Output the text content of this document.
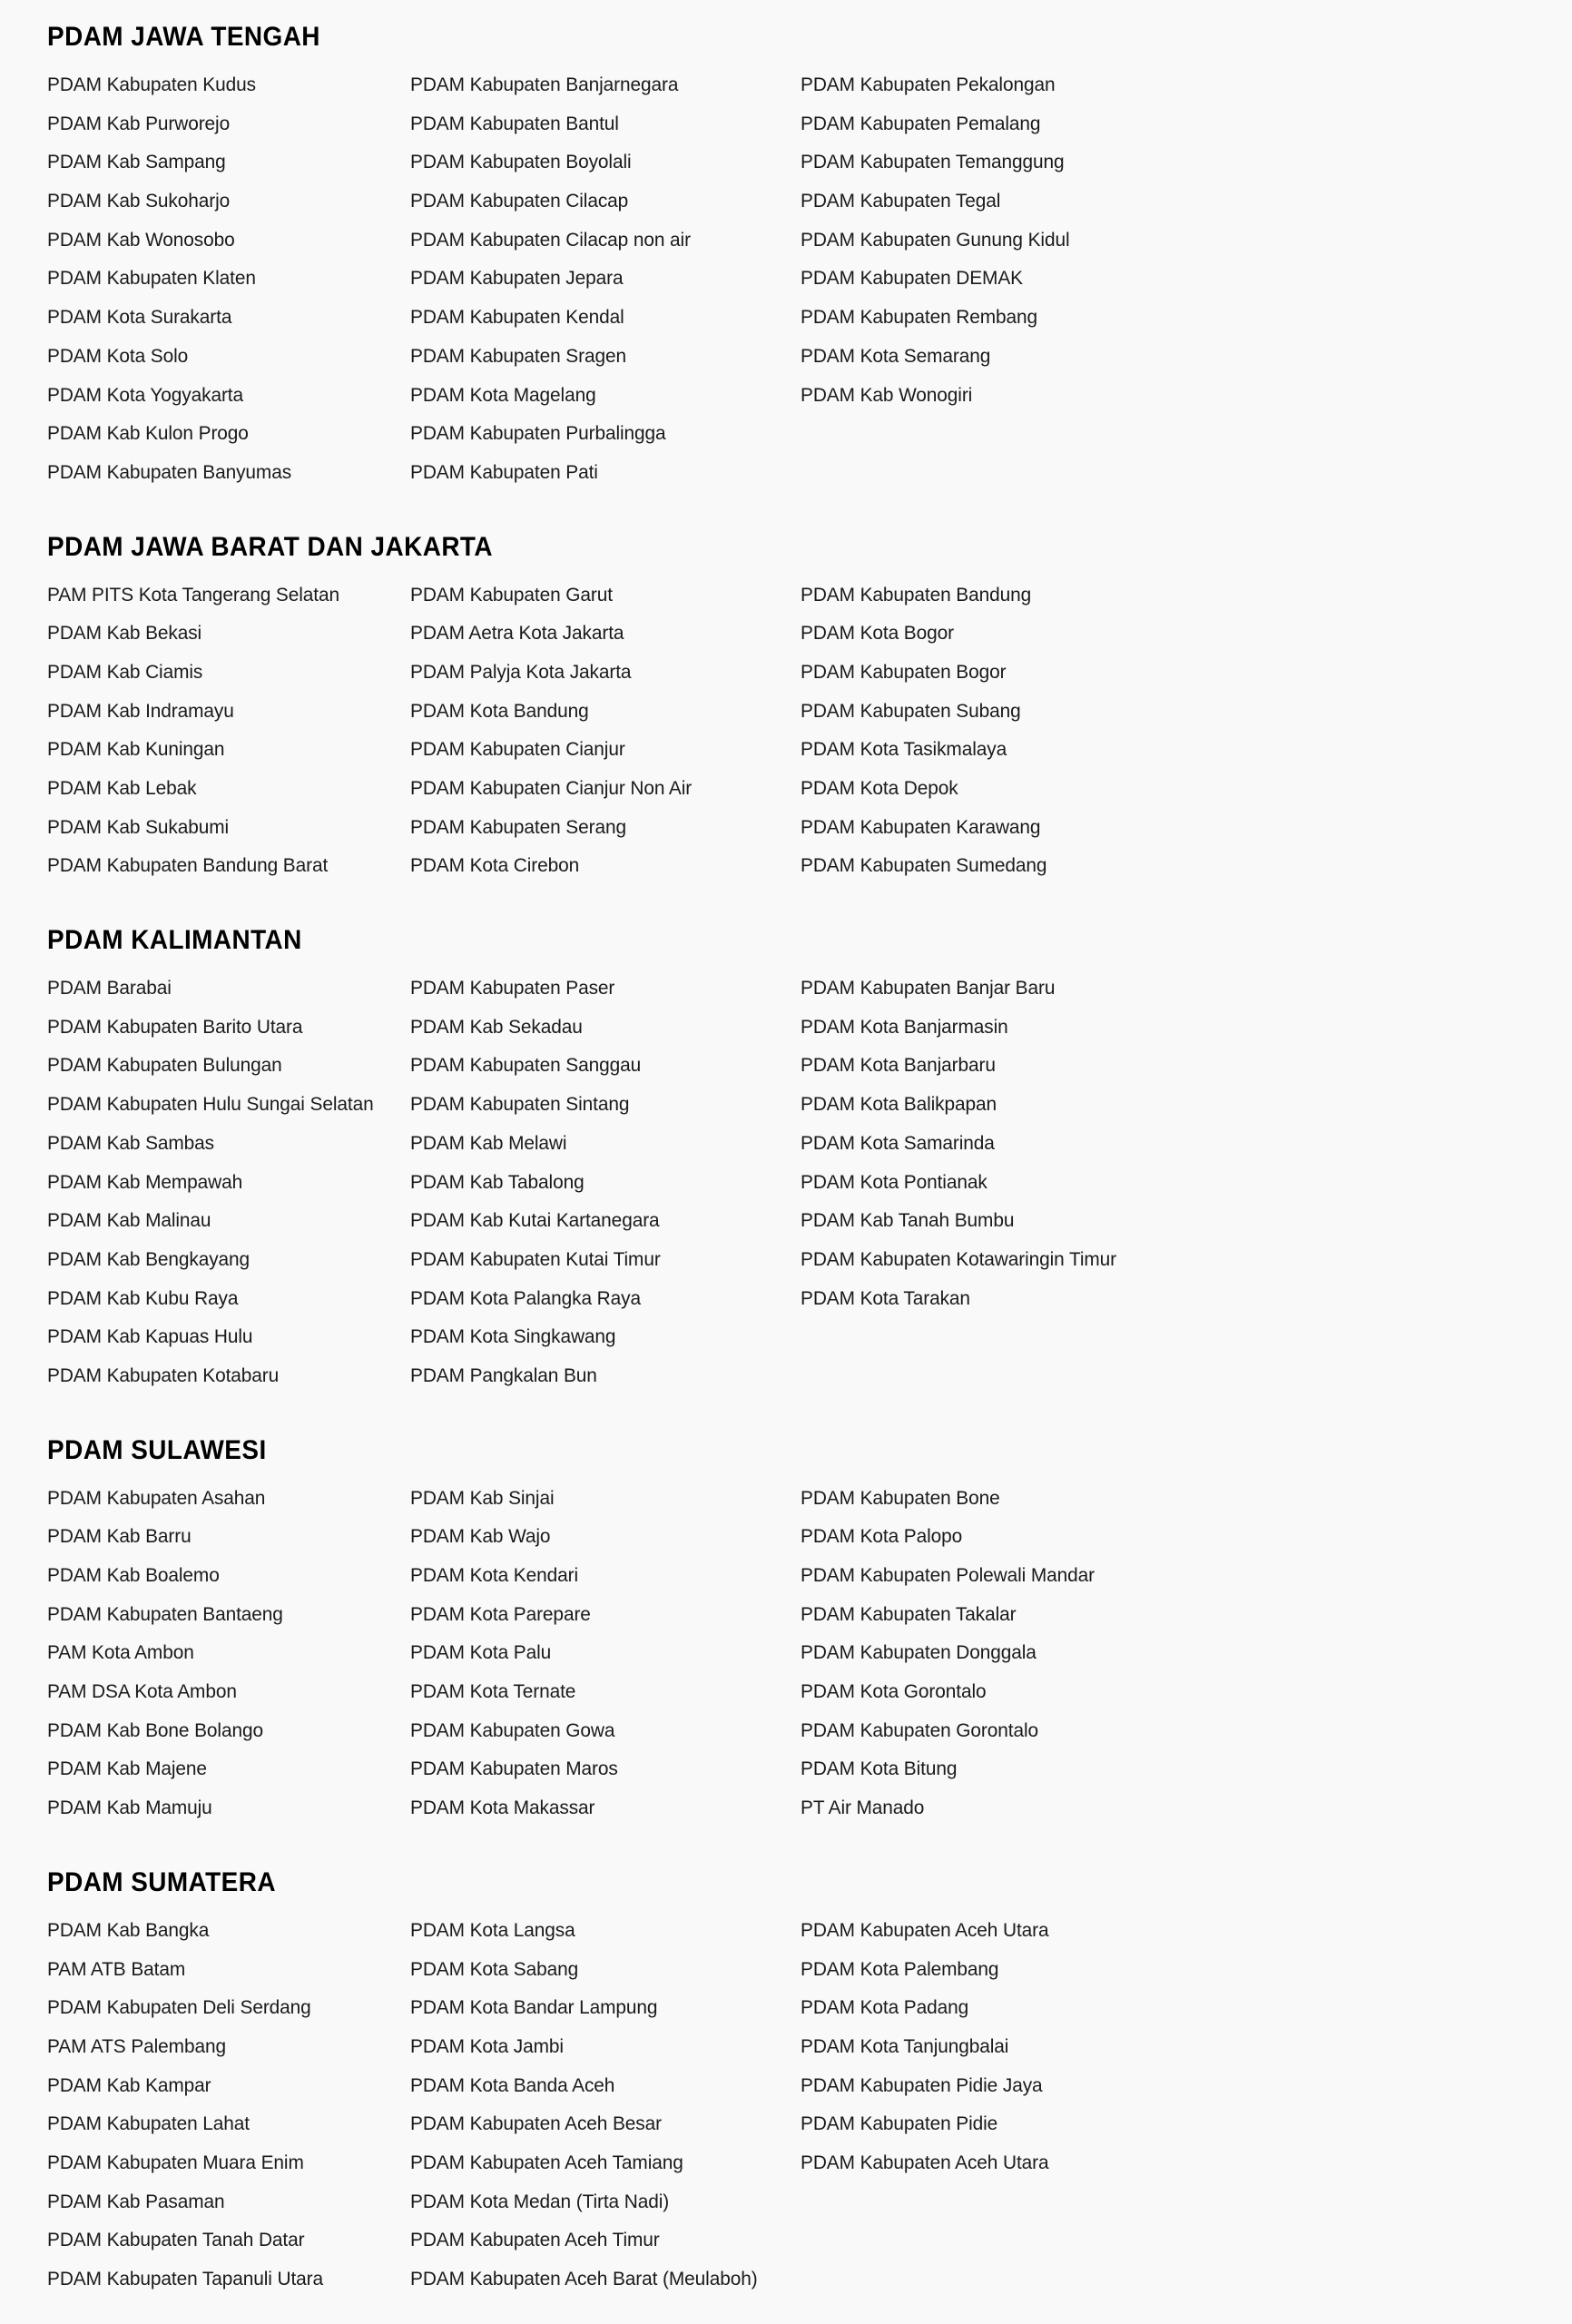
PDAM JAWA TENGAH
PDAM Kabupaten Kudus
PDAM Kab Purworejo
PDAM Kab Sampang
PDAM Kab Sukoharjo
PDAM Kab Wonosobo
PDAM Kabupaten Klaten
PDAM Kota Surakarta
PDAM Kota Solo
PDAM Kota Yogyakarta
PDAM Kab Kulon Progo
PDAM Kabupaten Banyumas
PDAM Kabupaten Banjarnegara
PDAM Kabupaten Bantul
PDAM Kabupaten Boyolali
PDAM Kabupaten Cilacap
PDAM Kabupaten Cilacap non air
PDAM Kabupaten Jepara
PDAM Kabupaten Kendal
PDAM Kabupaten Sragen
PDAM Kota Magelang
PDAM Kabupaten Purbalingga
PDAM Kabupaten Pati
PDAM Kabupaten Pekalongan
PDAM Kabupaten Pemalang
PDAM Kabupaten Temanggung
PDAM Kabupaten Tegal
PDAM Kabupaten Gunung Kidul
PDAM Kabupaten DEMAK
PDAM Kabupaten Rembang
PDAM Kota Semarang
PDAM Kab Wonogiri
PDAM JAWA BARAT DAN JAKARTA
PAM PITS Kota Tangerang Selatan
PDAM Kab Bekasi
PDAM Kab Ciamis
PDAM Kab Indramayu
PDAM Kab Kuningan
PDAM Kab Lebak
PDAM Kab Sukabumi
PDAM Kabupaten Bandung Barat
PDAM Kabupaten Garut
PDAM Aetra Kota Jakarta
PDAM Palyja Kota Jakarta
PDAM Kota Bandung
PDAM Kabupaten Cianjur
PDAM Kabupaten Cianjur Non Air
PDAM Kabupaten Serang
PDAM Kota Cirebon
PDAM Kabupaten Bandung
PDAM Kota Bogor
PDAM Kabupaten Bogor
PDAM Kabupaten Subang
PDAM Kota Tasikmalaya
PDAM Kota Depok
PDAM Kabupaten Karawang
PDAM Kabupaten Sumedang
PDAM KALIMANTAN
PDAM Barabai
PDAM Kabupaten Barito Utara
PDAM Kabupaten Bulungan
PDAM Kabupaten Hulu Sungai Selatan
PDAM Kab Sambas
PDAM Kab Mempawah
PDAM Kab Malinau
PDAM Kab Bengkayang
PDAM Kab Kubu Raya
PDAM Kab Kapuas Hulu
PDAM Kabupaten Kotabaru
PDAM Kabupaten Paser
PDAM Kab Sekadau
PDAM Kabupaten Sanggau
PDAM Kabupaten Sintang
PDAM Kab Melawi
PDAM Kab Tabalong
PDAM Kab Kutai Kartanegara
PDAM Kabupaten Kutai Timur
PDAM Kota Palangka Raya
PDAM Kota Singkawang
PDAM Pangkalan Bun
PDAM Kabupaten Banjar Baru
PDAM Kota Banjarmasin
PDAM Kota Banjarbaru
PDAM Kota Balikpapan
PDAM Kota Samarinda
PDAM Kota Pontianak
PDAM Kab Tanah Bumbu
PDAM Kabupaten Kotawaringin Timur
PDAM Kota Tarakan
PDAM SULAWESI
PDAM Kabupaten Asahan
PDAM Kab Barru
PDAM Kab Boalemo
PDAM Kabupaten Bantaeng
PAM Kota Ambon
PAM DSA Kota Ambon
PDAM Kab Bone Bolango
PDAM Kab Majene
PDAM Kab Mamuju
PDAM Kab Sinjai
PDAM Kab Wajo
PDAM Kota Kendari
PDAM Kota Parepare
PDAM Kota Palu
PDAM Kota Ternate
PDAM Kabupaten Gowa
PDAM Kabupaten Maros
PDAM Kota Makassar
PDAM Kabupaten Bone
PDAM Kota Palopo
PDAM Kabupaten Polewali Mandar
PDAM Kabupaten Takalar
PDAM Kabupaten Donggala
PDAM Kota Gorontalo
PDAM Kabupaten Gorontalo
PDAM Kota Bitung
PT Air Manado
PDAM SUMATERA
PDAM Kab Bangka
PAM ATB Batam
PDAM Kabupaten Deli Serdang
PAM ATS Palembang
PDAM Kab Kampar
PDAM Kabupaten Lahat
PDAM Kabupaten Muara Enim
PDAM Kab Pasaman
PDAM Kabupaten Tanah Datar
PDAM Kabupaten Tapanuli Utara
PDAM Kota Langsa
PDAM Kota Sabang
PDAM Kota Bandar Lampung
PDAM Kota Jambi
PDAM Kota Banda Aceh
PDAM Kabupaten Aceh Besar
PDAM Kabupaten Aceh Tamiang
PDAM Kota Medan (Tirta Nadi)
PDAM Kabupaten Aceh Timur
PDAM Kabupaten Aceh Barat (Meulaboh)
PDAM Kabupaten Aceh Utara
PDAM Kota Palembang
PDAM Kota Padang
PDAM Kota Tanjungbalai
PDAM Kabupaten Pidie Jaya
PDAM Kabupaten Pidie
PDAM Kabupaten Aceh Utara
